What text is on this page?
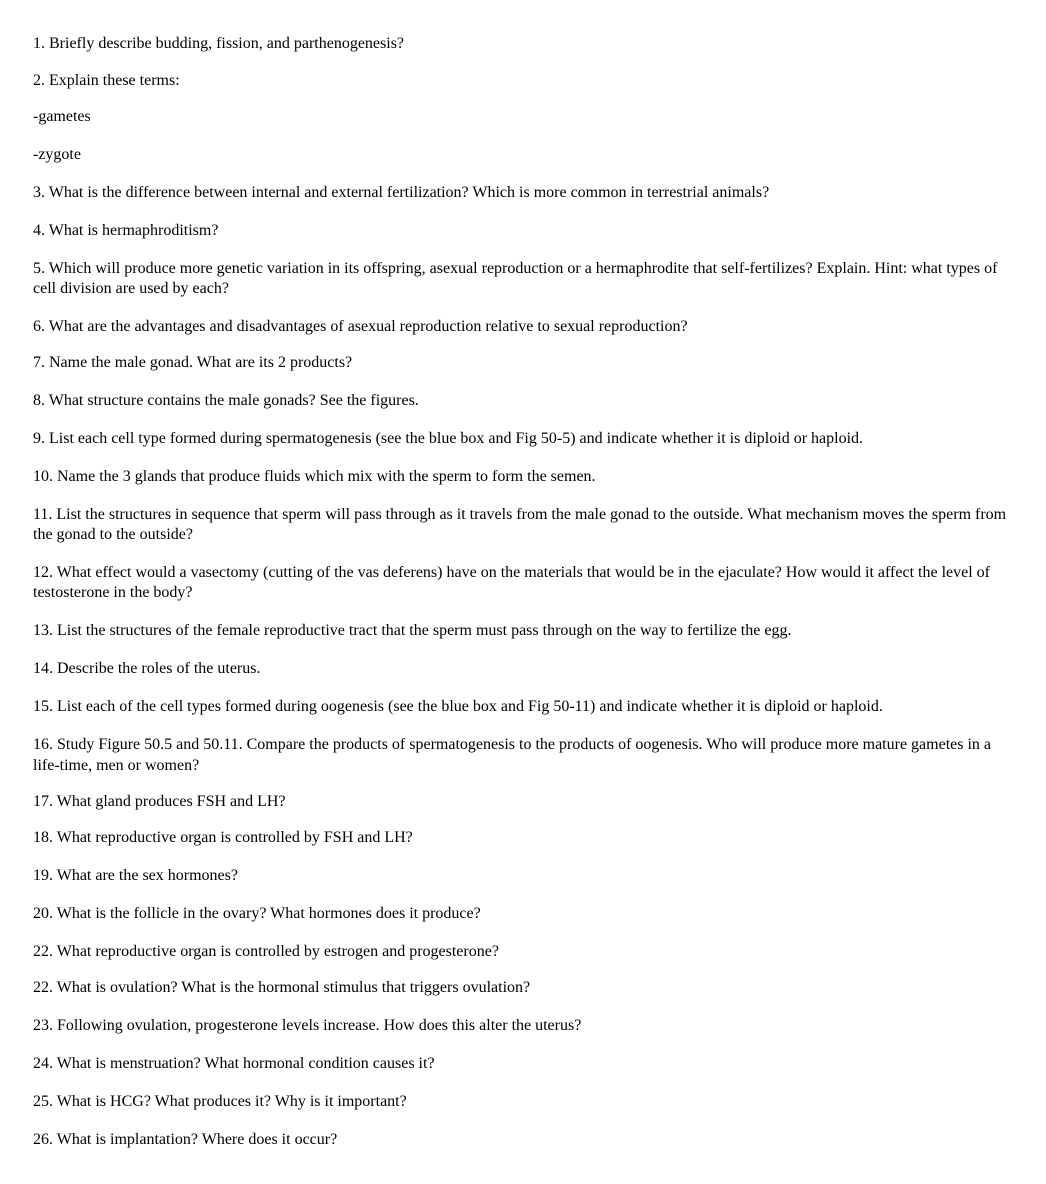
1. Briefly describe budding, fission, and parthenogenesis?

2. Explain these terms:

-gametes

-zygote

3. What is the difference between internal and external fertilization? Which is more common in terrestrial animals?

4. What is hermaphroditism?

5. Which will produce more genetic variation in its offspring, asexual reproduction or a hermaphrodite that self-fertilizes? Explain. Hint: what types of cell division are used by each?

6. What are the advantages and disadvantages of asexual reproduction relative to sexual reproduction?

7. Name the male gonad. What are its 2 products?

8. What structure contains the male gonads? See the figures.

9. List each cell type formed during spermatogenesis (see the blue box and Fig 50-5) and indicate whether it is diploid or haploid.

10. Name the 3 glands that produce fluids which mix with the sperm to form the semen.

11. List the structures in sequence that sperm will pass through as it travels from the male gonad to the outside. What mechanism moves the sperm from the gonad to the outside?

12. What effect would a vasectomy (cutting of the vas deferens) have on the materials that would be in the ejaculate? How would it affect the level of testosterone in the body?

13. List the structures of the female reproductive tract that the sperm must pass through on the way to fertilize the egg.

14. Describe the roles of the uterus.

15. List each of the cell types formed during oogenesis (see the blue box and Fig 50-11) and indicate whether it is diploid or haploid.

16. Study Figure 50.5 and 50.11. Compare the products of spermatogenesis to the products of oogenesis. Who will produce more mature gametes in a life-time, men or women?

17. What gland produces FSH and LH?

18. What reproductive organ is controlled by FSH and LH?

19. What are the sex hormones?

20. What is the follicle in the ovary? What hormones does it produce?

22. What reproductive organ is controlled by estrogen and progesterone?

22. What is ovulation? What is the hormonal stimulus that triggers ovulation?

23. Following ovulation, progesterone levels increase. How does this alter the uterus?

24. What is menstruation? What hormonal condition causes it?

25. What is HCG? What produces it? Why is it important?

26. What is implantation? Where does it occur?
